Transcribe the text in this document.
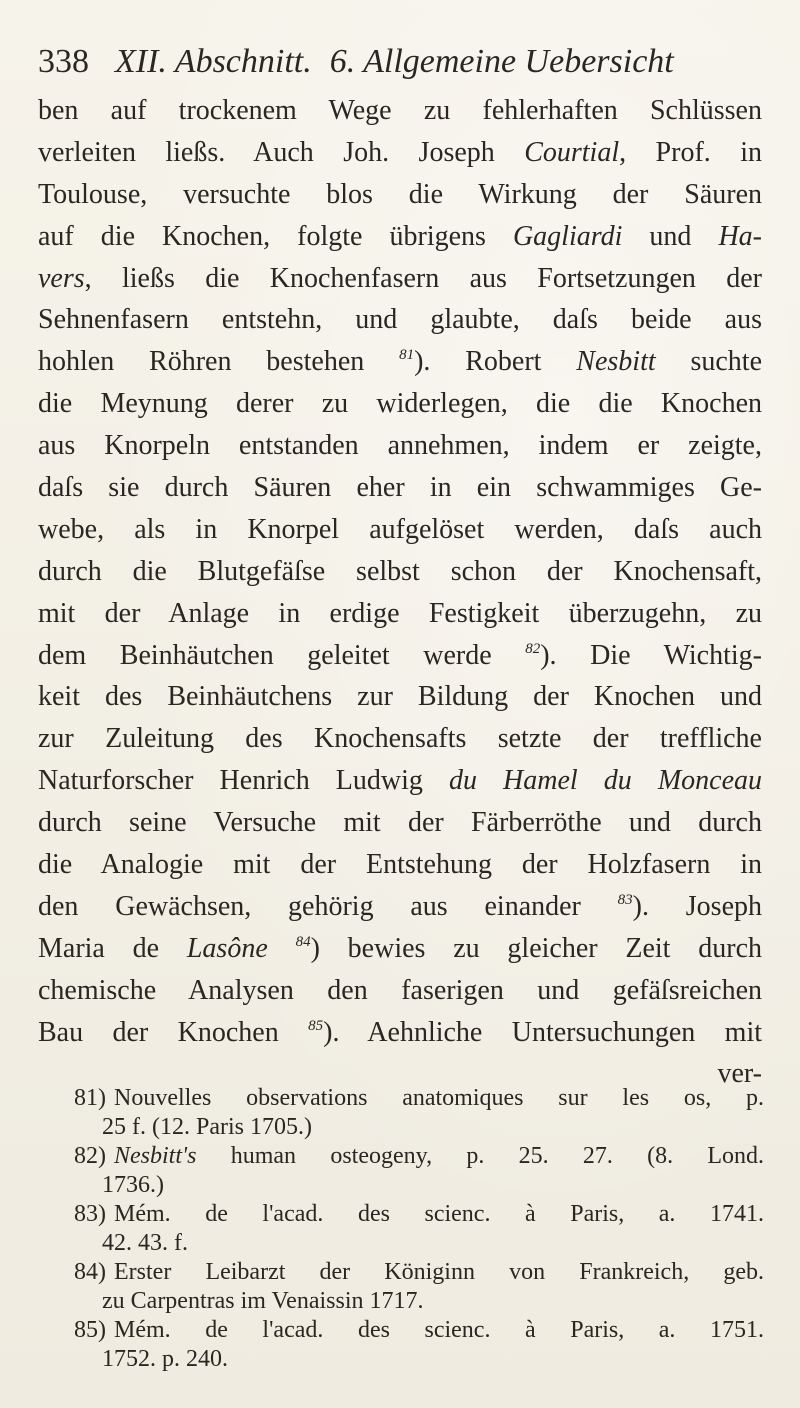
338 XII. Abschnitt. 6. Allgemeine Uebersicht
ben auf trockenem Wege zu fehlerhaften Schlüssen
verleiten ließs. Auch Joh. Joseph Courtial, Prof. in
Toulouse, versuchte blos die Wirkung der Säuren
auf die Knochen, folgte übrigens Gagliardi und Ha-
vers, ließs die Knochenfasern aus Fortsetzungen der
Sehnenfasern entstehn, und glaubte, daſs beide aus
hohlen Röhren bestehen $^{81}$). Robert Nesbitt suchte
die Meynung derer zu widerlegen, die die Knochen
aus Knorpeln entstanden annehmen, indem er zeigte,
daſs sie durch Säuren eher in ein schwammiges Ge-
webe, als in Knorpel aufgelöset werden, daſs auch
durch die Blutgefäſse selbst schon der Knochensaft,
mit der Anlage in erdige Festigkeit überzugehn, zu
dem Beinhäutchen geleitet werde $^{82}$). Die Wichtig-
keit des Beinhäutchens zur Bildung der Knochen und
zur Zuleitung des Knochensafts setzte der treffliche
Naturforscher Henrich Ludwig du Hamel du Monceau
durch seine Versuche mit der Färberröthe und durch
die Analogie mit der Entstehung der Holzfasern in
den Gewächsen, gehörig aus einander $^{83}$). Joseph
Maria de Lasône $^{84}$) bewies zu gleicher Zeit durch
chemische Analysen den faserigen und gefäſsreichen
Bau der Knochen $^{85}$). Aehnliche Untersuchungen mit
ver-
81) Nouvelles observations anatomiques sur les os, p.
25 f. (12. Paris 1705.)
82) Nesbitt's human osteogeny, p. 25. 27. (8. Lond.
1736.)
83) Mém. de l'acad. des scienc. à Paris, a. 1741.
42. 43. f.
84) Erster Leibarzt der Königinn von Frankreich, geb.
zu Carpentras im Venaissin 1717.
85) Mém. de l'acad. des scienc. à Paris, a. 1751.
1752. p. 240.
